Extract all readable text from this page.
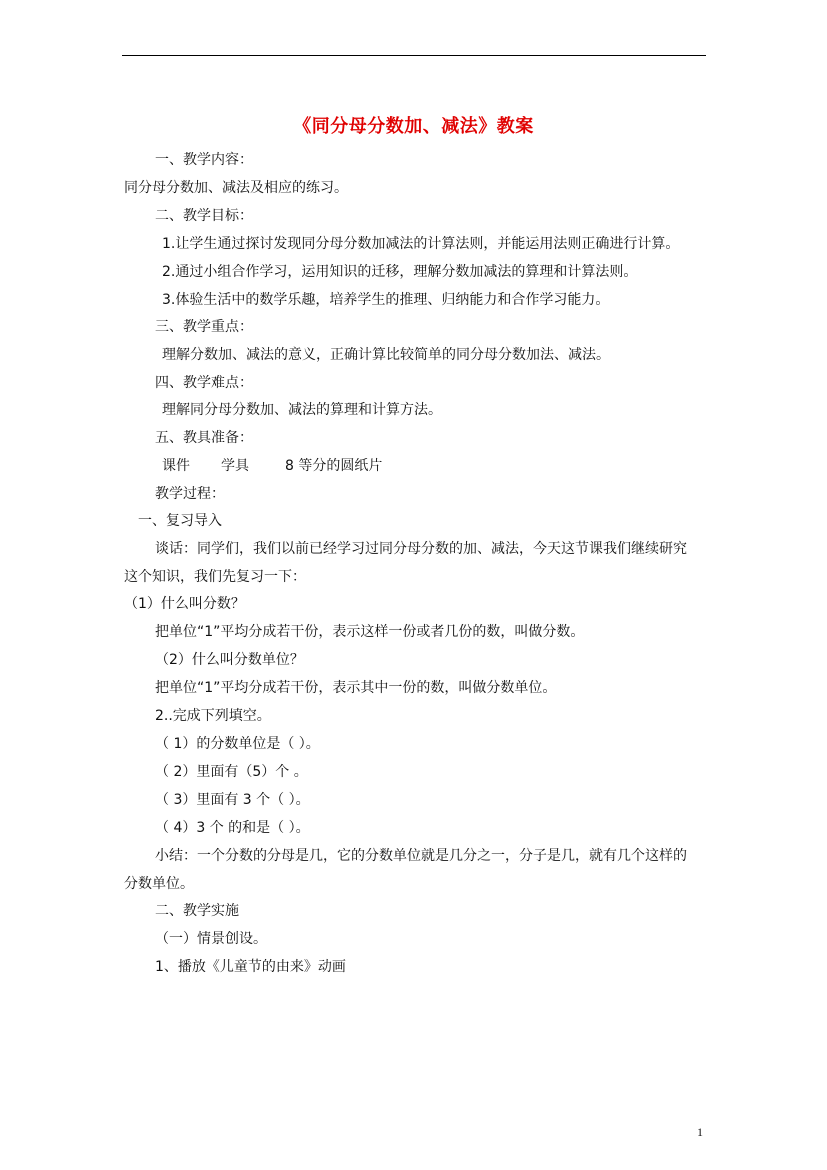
《同分母分数加、减法》教案
一、教学内容：
同分母分数加、减法及相应的练习。
二、教学目标：
1.让学生通过探讨发现同分母分数加减法的计算法则，并能运用法则正确进行计算。
2.通过小组合作学习，运用知识的迁移，理解分数加减法的算理和计算法则。
3.体验生活中的数学乐趣，培养学生的推理、归纳能力和合作学习能力。
三、教学重点：
理解分数加、减法的意义，正确计算比较简单的同分母分数加法、减法。
四、教学难点：
理解同分母分数加、减法的算理和计算方法。
五、教具准备：
课件 学具	8 等分的圆纸片
教学过程：
一、复习导入
谈话：同学们，我们以前已经学习过同分母分数的加、减法，今天这节课我们继续研究
这个知识，我们先复习一下：
（1）什么叫分数？
把单位“1”平均分成若干份，表示这样一份或者几份的数，叫做分数。
（2）什么叫分数单位？
把单位“1”平均分成若干份，表示其中一份的数，叫做分数单位。
2..完成下列填空。
（ 1）的分数单位是（ ）。
（ 2）里面有（5）个 。
（ 3）里面有 3 个（ ）。
（ 4）3 个 的和是（ ）。
小结：一个分数的分母是几，它的分数单位就是几分之一，分子是几，就有几个这样的
分数单位。
二、教学实施
（一）情景创设。
1、播放《儿童节的由来》动画
1
